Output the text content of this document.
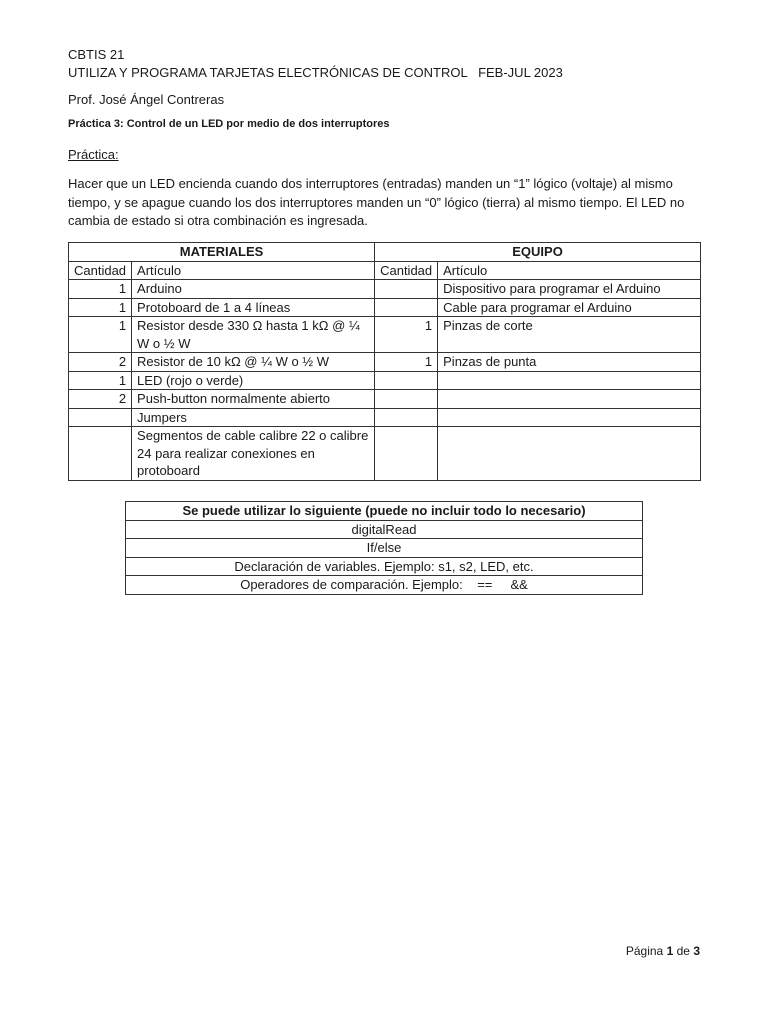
CBTIS 21
UTILIZA Y PROGRAMA TARJETAS ELECTRÓNICAS DE CONTROL   FEB-JUL 2023
Prof. José Ángel Contreras
Práctica 3: Control de un LED por medio de dos interruptores
Práctica:
Hacer que un LED encienda cuando dos interruptores (entradas) manden un “1” lógico (voltaje) al mismo
tiempo, y se apague cuando los dos interruptores manden un “0” lógico (tierra) al mismo tiempo. El LED no
cambia de estado si otra combinación es ingresada.
MATERIALES		EQUIPO	
Cantidad	Artículo	Cantidad	Artículo
1	Arduino		Dispositivo para programar el Arduino
1	Protoboard de 1 a 4 líneas		Cable para programar el Arduino
1	Resistor desde 330 Ω hasta 1 kΩ @ ¼ W o ½ W	1	Pinzas de corte
2	Resistor de 10 kΩ @ ¼ W o ½ W	1	Pinzas de punta
1	LED (rojo o verde)		
2	Push-button normalmente abierto		
	Jumpers		
	Segmentos de cable calibre 22 o calibre 24 para realizar conexiones en protoboard		
Se puede utilizar lo siguiente (puede no incluir todo lo necesario)
digitalRead
If/else
Declaración de variables. Ejemplo: s1, s2, LED, etc.
Operadores de comparación. Ejemplo:    ==     &&
Página 1 de 3
